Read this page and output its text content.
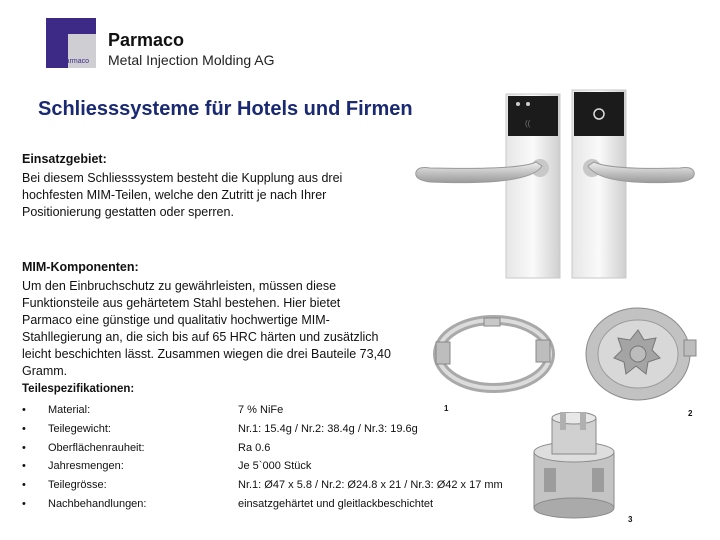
Parmaco
Parmaco
Metal Injection Molding AG
Schliesssysteme für Hotels und Firmen
Einsatzgebiet:
Bei diesem Schliesssystem besteht die Kupplung aus drei hochfesten MIM-Teilen, welche den Zutritt je nach Ihrer Positionierung gestatten oder sperren.
MIM-Komponenten:
Um den Einbruchschutz zu gewährleisten, müssen diese Funktionsteile aus gehärtetem Stahl bestehen. Hier bietet Parmaco eine günstige und qualitativ hochwertige MIM-Stahllegierung an, die sich bis auf 65 HRC härten und zusätzlich leicht beschichten lässt. Zusammen wiegen die drei Bauteile 73,40 Gramm.
Teilespezifikationen:
•	Material:	7 % NiFe
•	Teilegewicht:	Nr.1: 15.4g / Nr.2: 38.4g / Nr.3: 19.6g
•	Oberflächenrauheit:	Ra 0.6
•	Jahresmengen:	Je 5`000 Stück
•	Teilegrösse:	Nr.1: Ø47 x 5.8 / Nr.2: Ø24.8 x 21 / Nr.3: Ø42 x 17 mm
•	Nachbehandlungen:	einsatzgehärtet und gleitlackbeschichtet
((
1
2
3
